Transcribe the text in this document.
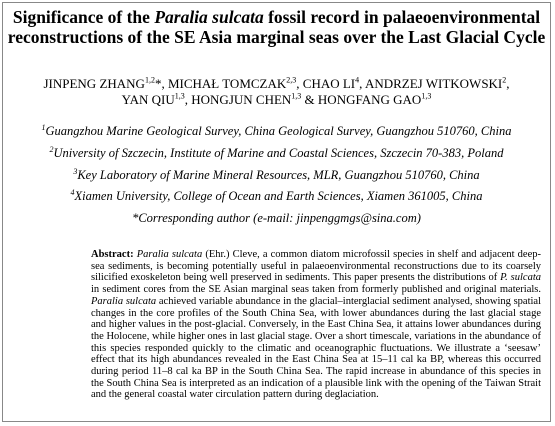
Significance of the Paralia sulcata fossil record in palaeoenvironmental reconstructions of the SE Asia marginal seas over the Last Glacial Cycle
JINPENG ZHANG$^{1,2}$*, MICHAŁ TOMCZAK$^{2,3}$, CHAO $LI^4$, ANDRZEJ WITKOWSKI$^2$,
YAN QIU$^{1,3}$, HONGJUN CHEN$^{1,3}$ & HONGFANG GAO$^{1,3}$
$^1$Guangzhou Marine Geological Survey, China Geological Survey, Guangzhou 510760, China
$^2$University of Szczecin, Institute of Marine and Coastal Sciences, Szczecin 70-383, Poland
$^3$Key Laboratory of Marine Mineral Resources, MLR, Guangzhou 510760, China
$^4$Xiamen University, College of Ocean and Earth Sciences, Xiamen 361005, China
*Corresponding author (e-mail: jinpenggmgs@sina.com)
Abstract: Paralia sulcata (Ehr.) Cleve, a common diatom microfossil species in shelf and adjacent deep-sea sediments, is becoming potentially useful in palaeoenvironmental reconstructions due to its coarsely silicified exoskeleton being well preserved in sediments. This paper presents the distributions of P. sulcata in sediment cores from the SE Asian marginal seas taken from formerly published and original materials. Paralia sulcata achieved variable abundance in the glacial–interglacial sediment analysed, showing spatial changes in the core profiles of the South China Sea, with lower abundances during the last glacial stage and higher values in the post-glacial. Conversely, in the East China Sea, it attains lower abundances during the Holocene, while higher ones in last glacial stage. Over a short timescale, variations in the abundance of this species responded quickly to the climatic and oceanographic fluctuations. We illustrate a ‘seesaw’ effect that its high abundances revealed in the East China Sea at 15–11 cal ka BP, whereas this occurred during period 11–8 cal ka BP in the South China Sea. The rapid increase in abundance of this species in the South China Sea is interpreted as an indication of a plausible link with the opening of the Taiwan Strait and the general coastal water circulation pattern during deglaciation.
